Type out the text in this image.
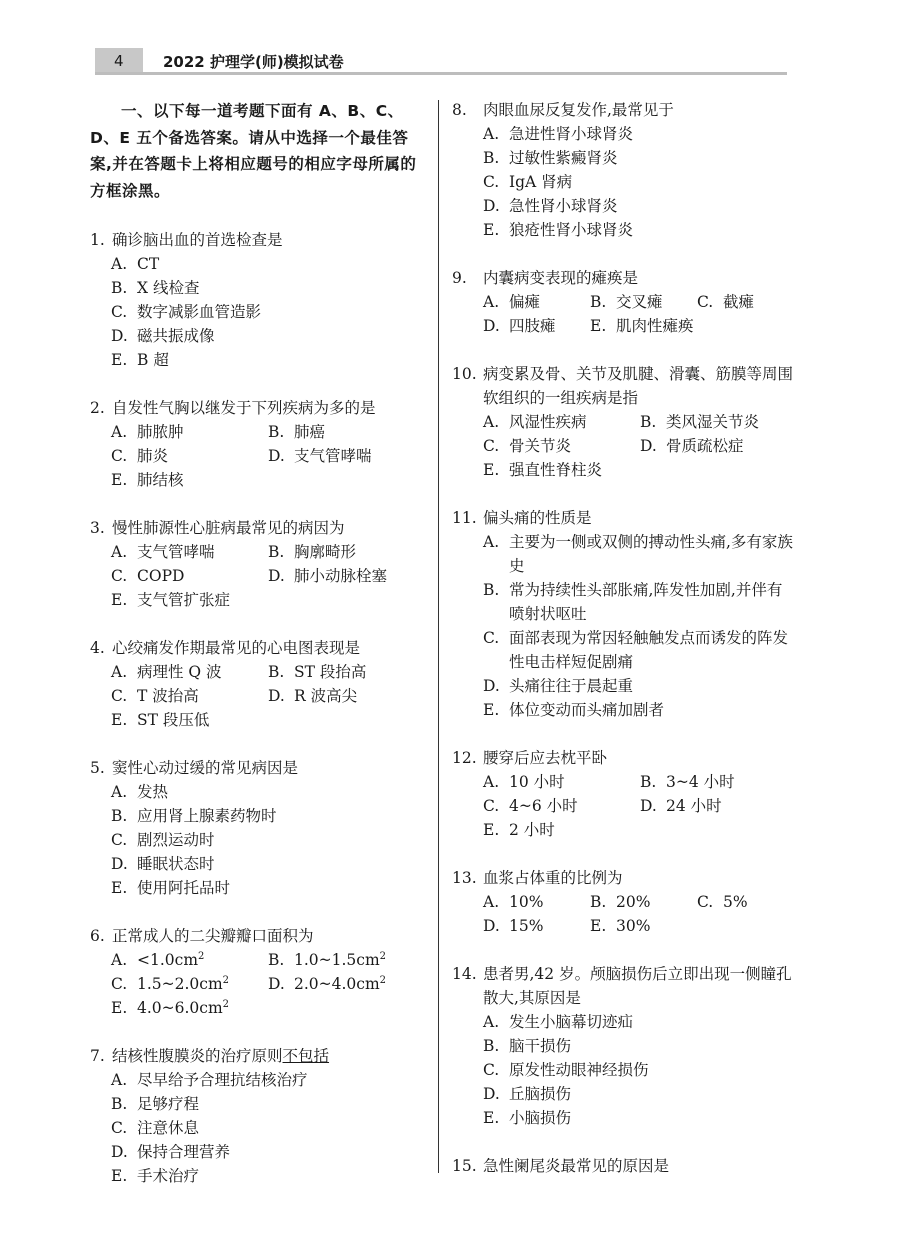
4	2022 护理学(师)模拟试卷

一、以下每一道考题下面有 A、B、C、D、E 五个备选答案。请从中选择一个最佳答案,并在答题卡上将相应题号的相应字母所属的方框涂黑。

1. 确诊脑出血的首选检查是
A. CT
B. X 线检查
C. 数字减影血管造影
D. 磁共振成像
E. B 超
2. 自发性气胸以继发于下列疾病为多的是
A. 肺脓肿	B. 肺癌
C. 肺炎	D. 支气管哮喘
E. 肺结核
3. 慢性肺源性心脏病最常见的病因为
A. 支气管哮喘	B. 胸廓畸形
C. COPD	D. 肺小动脉栓塞
E. 支气管扩张症
4. 心绞痛发作期最常见的心电图表现是
A. 病理性 Q 波	B. ST 段抬高
C. T 波抬高	D. R 波高尖
E. ST 段压低
5. 窦性心动过缓的常见病因是
A. 发热
B. 应用肾上腺素药物时
C. 剧烈运动时
D. 睡眠状态时
E. 使用阿托品时
6. 正常成人的二尖瓣瓣口面积为
A. $<1.0cm^2$	B. $1.0\sim 1.5cm^2$
C. $1.5\sim 2.0cm^2$	D. $2.0\sim 4.0cm^2$
E. $4.0\sim 6.0cm^2$
7. 结核性腹膜炎的治疗原则不包括
A. 尽早给予合理抗结核治疗
B. 足够疗程
C. 注意休息
D. 保持合理营养
E. 手术治疗
8.	肉眼血尿反复发作,最常见于
A. 急进性肾小球肾炎
B. 过敏性紫癜肾炎
C. IgA 肾病
D. 急性肾小球肾炎
E. 狼疮性肾小球肾炎
9.	内囊病变表现的瘫痪是
A. 偏瘫	B. 交叉瘫 C. 截瘫
D. 四肢瘫 E. 肌肉性瘫痪
10. 病变累及骨、关节及肌腱、滑囊、筋膜等周围软组织的一组疾病是指
A. 风湿性疾病	B. 类风湿关节炎
C. 骨关节炎	D. 骨质疏松症
E. 强直性脊柱炎
11. 偏头痛的性质是
A. 主要为一侧或双侧的搏动性头痛,多有家族史
B. 常为持续性头部胀痛,阵发性加剧,并伴有喷射状呕吐
C. 面部表现为常因轻触触发点而诱发的阵发性电击样短促剧痛
D. 头痛往往于晨起重
E. 体位变动而头痛加剧者
12. 腰穿后应去枕平卧
A. 10 小时	B. 3~4 小时
C. 4~6 小时	D. 24 小时
E. 2 小时
13. 血浆占体重的比例为
A. 10%	B. 20%	C. 5%
D. 15%	E. 30%
14. 患者男,42 岁。颅脑损伤后立即出现一侧瞳孔散大,其原因是
A. 发生小脑幕切迹疝
B. 脑干损伤
C. 原发性动眼神经损伤
D. 丘脑损伤
E. 小脑损伤
15. 急性阑尾炎最常见的原因是
